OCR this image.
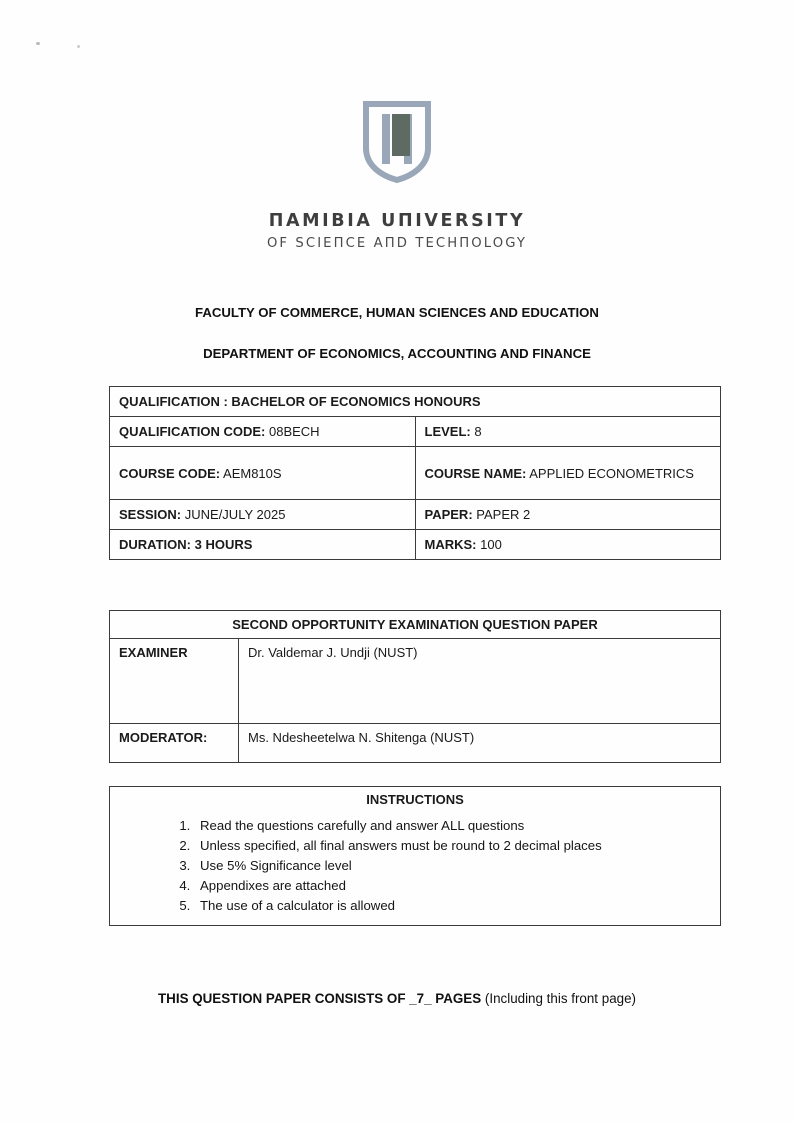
ПAMIBIA UПIVERSITY
OF SCIEПCE AПD TECHПOLOGY
FACULTY OF COMMERCE, HUMAN SCIENCES AND EDUCATION
DEPARTMENT OF ECONOMICS, ACCOUNTING AND FINANCE
QUALIFICATION : BACHELOR OF ECONOMICS HONOURS	
QUALIFICATION CODE: 08BECH	LEVEL: 8
COURSE CODE: AEM810S	COURSE NAME: APPLIED ECONOMETRICS
SESSION: JUNE/JULY 2025	PAPER: PAPER 2
DURATION: 3 HOURS	MARKS: 100
SECOND OPPORTUNITY EXAMINATION QUESTION PAPER	
EXAMINER	Dr. Valdemar J. Undji (NUST)
MODERATOR:	Ms. Ndesheetelwa N. Shitenga (NUST)
INSTRUCTIONS
1. Read the questions carefully and answer ALL questions
2. Unless specified, all final answers must be round to 2 decimal places
3. Use 5% Significance level
4. Appendixes are attached
5. The use of a calculator is allowed
THIS QUESTION PAPER CONSISTS OF _7_ PAGES (Including this front page)
